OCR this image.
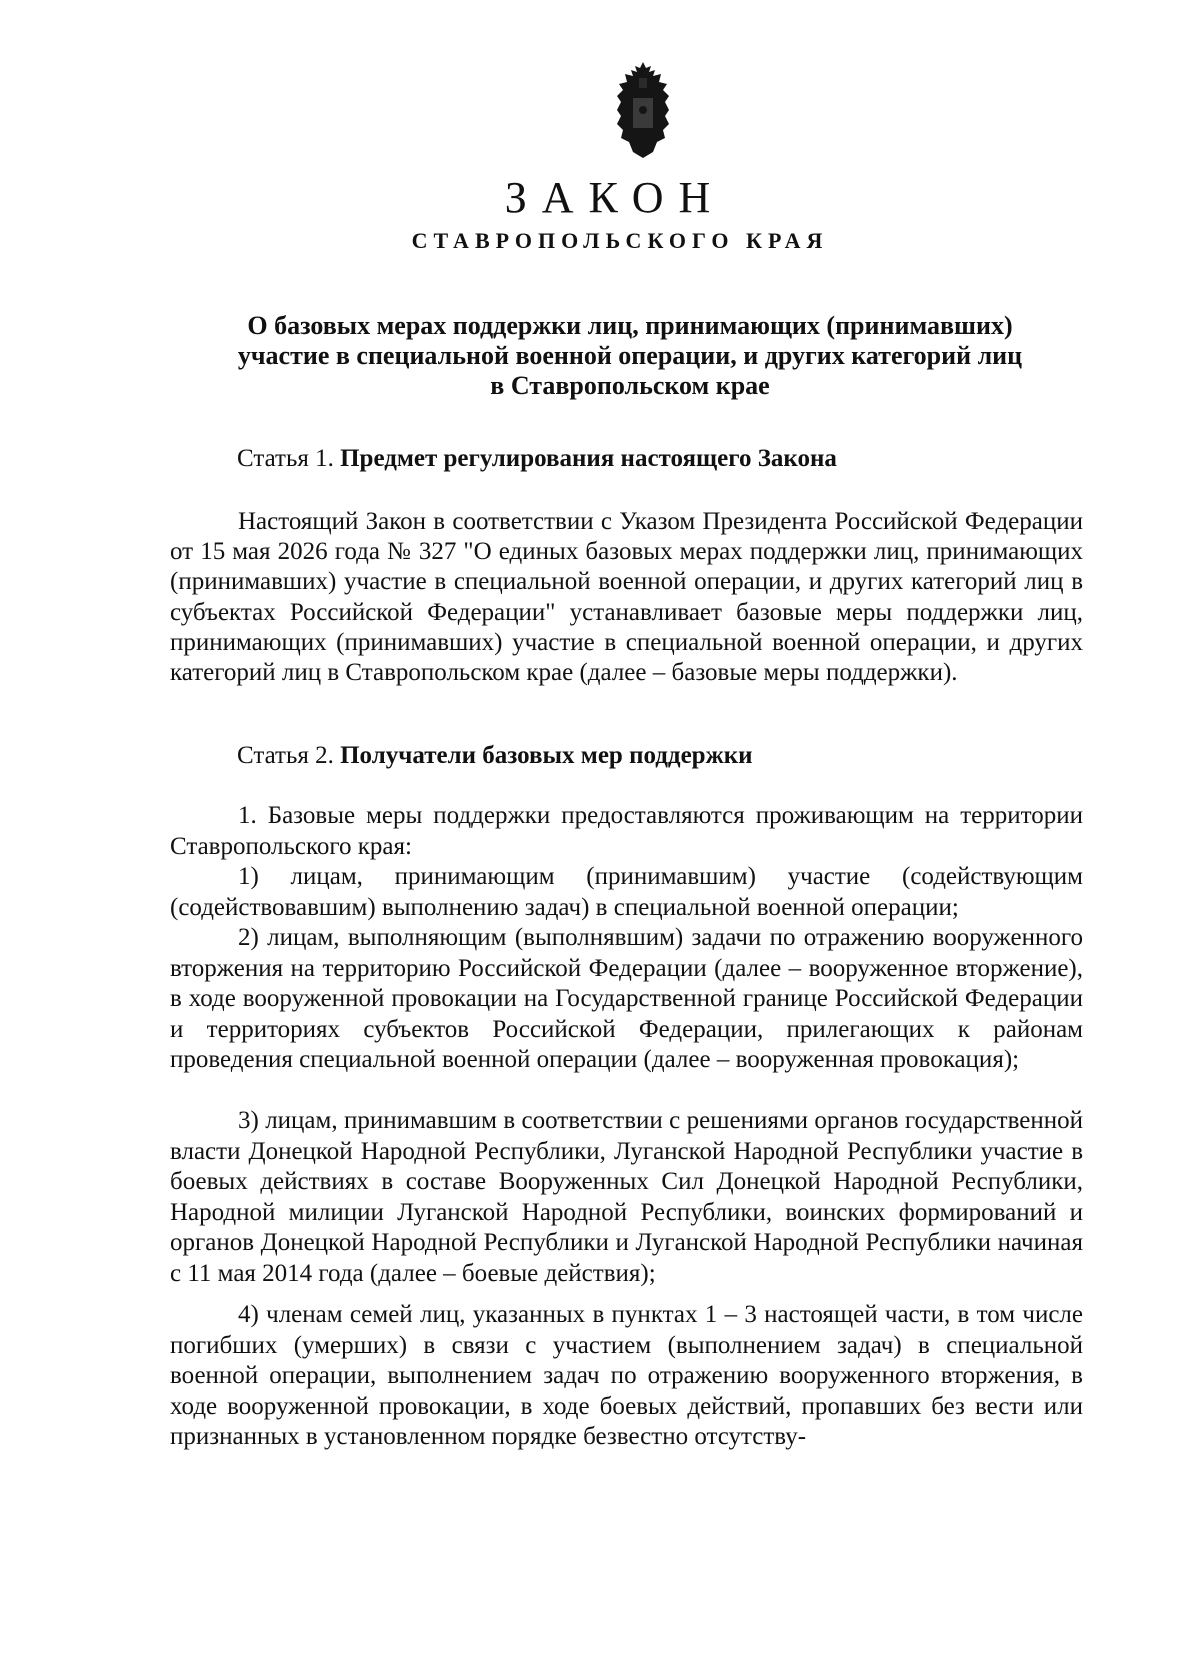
ЗАКОН
СТАВРОПОЛЬСКОГО КРАЯ
О базовых мерах поддержки лиц, принимающих (принимавших)
участие в специальной военной операции, и других категорий лиц
в Ставропольском крае
Статья 1. Предмет регулирования настоящего Закона

Настоящий Закон в соответствии с Указом Президента Российской Федерации от 15 мая 2026 года № 327 "О единых базовых мерах поддержки лиц, принимающих (принимавших) участие в специальной военной операции, и других категорий лиц в субъектах Российской Федерации" устанавливает базовые меры поддержки лиц, принимающих (принимавших) участие в специальной военной операции, и других категорий лиц в Ставропольском крае (далее – базовые меры поддержки).

Статья 2. Получатели базовых мер поддержки

1. Базовые меры поддержки предоставляются проживающим на территории Ставропольского края:

1) лицам, принимающим (принимавшим) участие (содействующим (содействовавшим) выполнению задач) в специальной военной операции;

2) лицам, выполняющим (выполнявшим) задачи по отражению вооруженного вторжения на территорию Российской Федерации (далее – вооруженное вторжение), в ходе вооруженной провокации на Государственной границе Российской Федерации и территориях субъектов Российской Федерации, прилегающих к районам проведения специальной военной операции (далее – вооруженная провокация);

3) лицам, принимавшим в соответствии с решениями органов государственной власти Донецкой Народной Республики, Луганской Народной Республики участие в боевых действиях в составе Вооруженных Сил Донецкой Народной Республики, Народной милиции Луганской Народной Республики, воинских формирований и органов Донецкой Народной Республики и Луганской Народной Республики начиная с 11 мая 2014 года (далее – боевые действия);

4) членам семей лиц, указанных в пунктах 1 – 3 настоящей части, в том числе погибших (умерших) в связи с участием (выполнением задач) в специальной военной операции, выполнением задач по отражению вооруженного вторжения, в ходе вооруженной провокации, в ходе боевых действий, пропавших без вести или признанных в установленном порядке безвестно отсутству-
